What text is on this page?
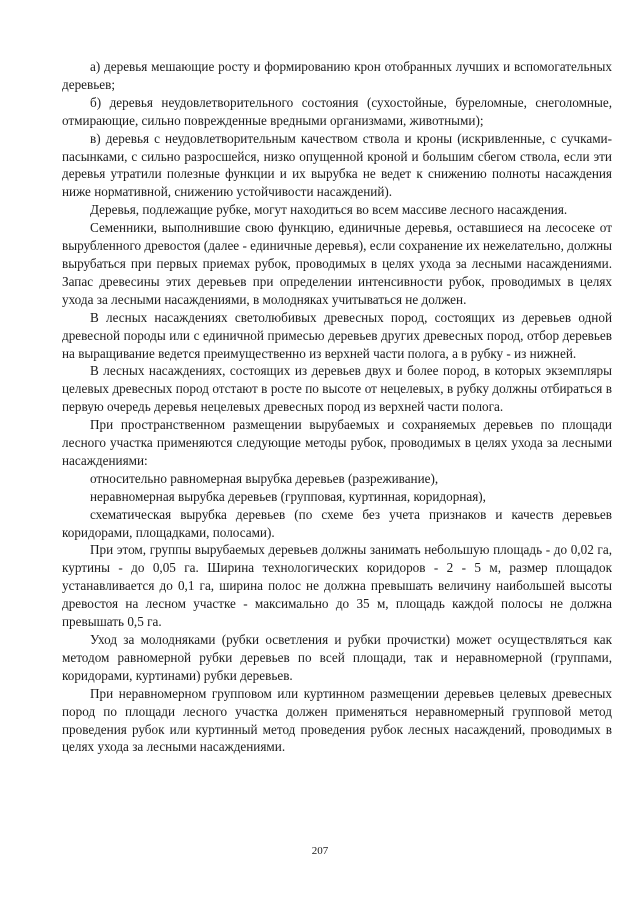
а) деревья мешающие росту и формированию крон отобранных лучших и вспомогательных деревьев;

б) деревья неудовлетворительного состояния (сухостойные, буреломные, снеголомные, отмирающие, сильно поврежденные вредными организмами, животными);

в) деревья с неудовлетворительным качеством ствола и кроны (искривленные, с сучками-пасынками, с сильно разросшейся, низко опущенной кроной и большим сбегом ствола, если эти деревья утратили полезные функции и их вырубка не ведет к снижению полноты насаждения ниже нормативной, снижению устойчивости насаждений).

Деревья, подлежащие рубке, могут находиться во всем массиве лесного насаждения.

Семенники, выполнившие свою функцию, единичные деревья, оставшиеся на лесосеке от вырубленного древостоя (далее - единичные деревья), если сохранение их нежелательно, должны вырубаться при первых приемах рубок, проводимых в целях ухода за лесными насаждениями. Запас древесины этих деревьев при определении интенсивности рубок, проводимых в целях ухода за лесными насаждениями, в молодняках учитываться не должен.

В лесных насаждениях светолюбивых древесных пород, состоящих из деревьев одной древесной породы или с единичной примесью деревьев других древесных пород, отбор деревьев на выращивание ведется преимущественно из верхней части полога, а в рубку - из нижней.

В лесных насаждениях, состоящих из деревьев двух и более пород, в которых экземпляры целевых древесных пород отстают в росте по высоте от нецелевых, в рубку должны отбираться в первую очередь деревья нецелевых древесных пород из верхней части полога.

При пространственном размещении вырубаемых и сохраняемых деревьев по площади лесного участка применяются следующие методы рубок, проводимых в целях ухода за лесными насаждениями:

относительно равномерная вырубка деревьев (разреживание),

неравномерная вырубка деревьев (групповая, куртинная, коридорная),

схематическая вырубка деревьев (по схеме без учета признаков и качеств деревьев коридорами, площадками, полосами).

При этом, группы вырубаемых деревьев должны занимать небольшую площадь - до 0,02 га, куртины - до 0,05 га. Ширина технологических коридоров - 2 - 5 м, размер площадок устанавливается до 0,1 га, ширина полос не должна превышать величину наибольшей высоты древостоя на лесном участке - максимально до 35 м, площадь каждой полосы не должна превышать 0,5 га.

Уход за молодняками (рубки осветления и рубки прочистки) может осуществляться как методом равномерной рубки деревьев по всей площади, так и неравномерной (группами, коридорами, куртинами) рубки деревьев.

При неравномерном групповом или куртинном размещении деревьев целевых древесных пород по площади лесного участка должен применяться неравномерный групповой метод проведения рубок или куртинный метод проведения рубок лесных насаждений, проводимых в целях ухода за лесными насаждениями.

207
